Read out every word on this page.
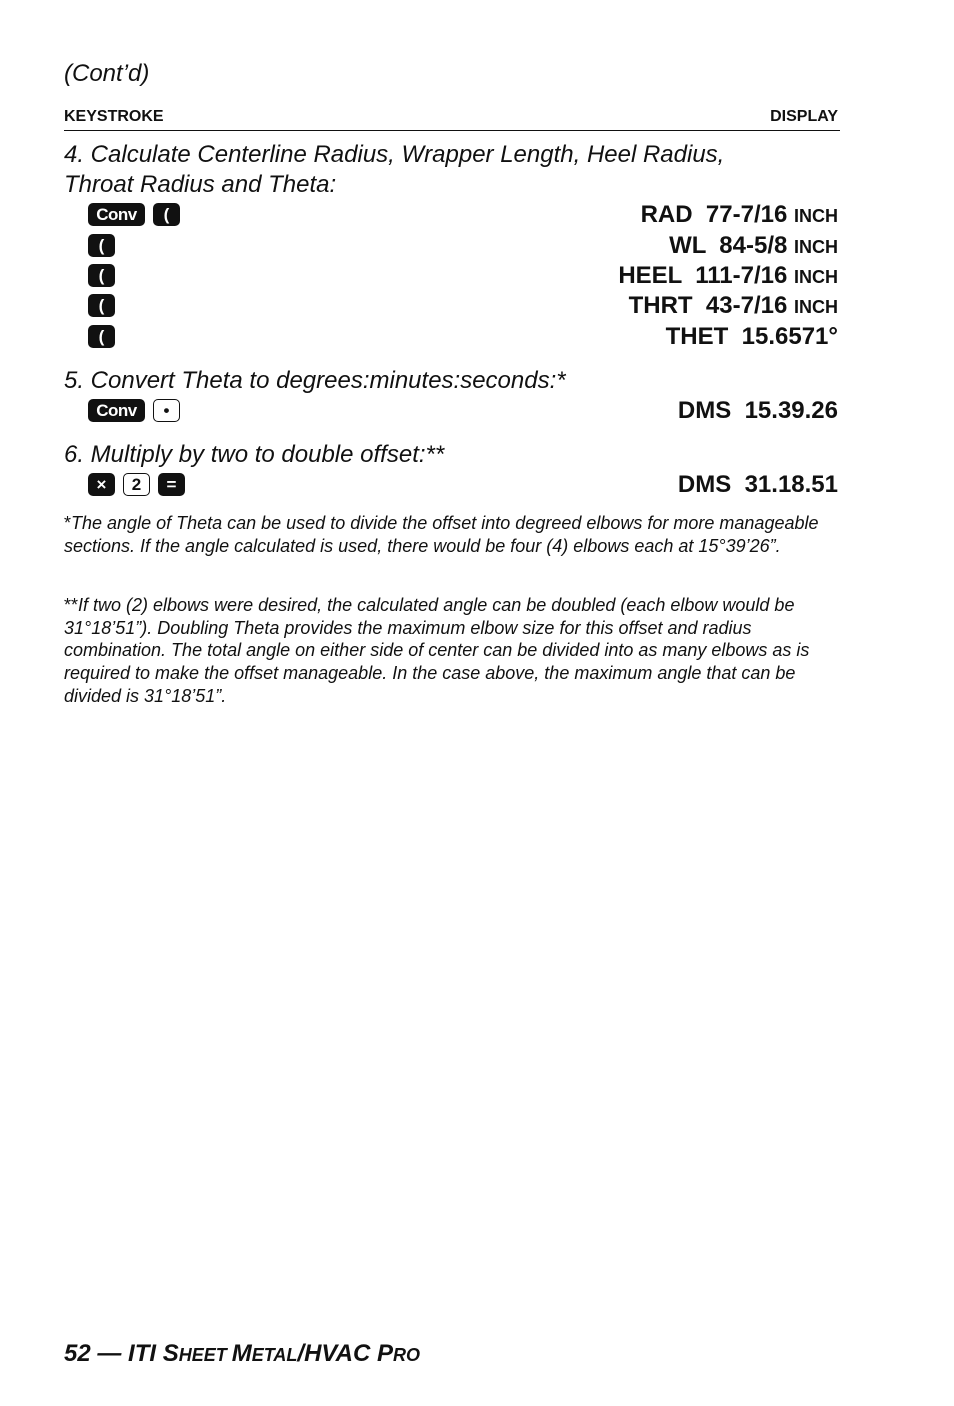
(Cont’d)
KEYSTROKE	DISPLAY
4. Calculate Centerline Radius, Wrapper Length, Heel Radius,
Throat Radius and Theta:
Conv	(	RAD  77-7/16 INCH
(	WL  84-5/8 INCH
(	HEEL  111-7/16 INCH
(	THRT  43-7/16 INCH
(	THET  15.6571°
5. Convert Theta to degrees:minutes:seconds:*
Conv	•	DMS  15.39.26
6. Multiply by two to double offset:**
×	2	=	DMS  31.18.51
*The angle of Theta can be used to divide the offset into degreed elbows for more manageable sections. If the angle calculated is used, there would be four (4) elbows each at 15°39’26”.
**If two (2) elbows were desired, the calculated angle can be doubled (each elbow would be 31°18’51”). Doubling Theta provides the maximum elbow size for this offset and radius combination. The total angle on either side of center can be divided into as many elbows as is required to make the offset manageable. In the case above, the maximum angle that can be divided is 31°18’51”.
52 — ITI SHEET METAL/HVAC PRO
